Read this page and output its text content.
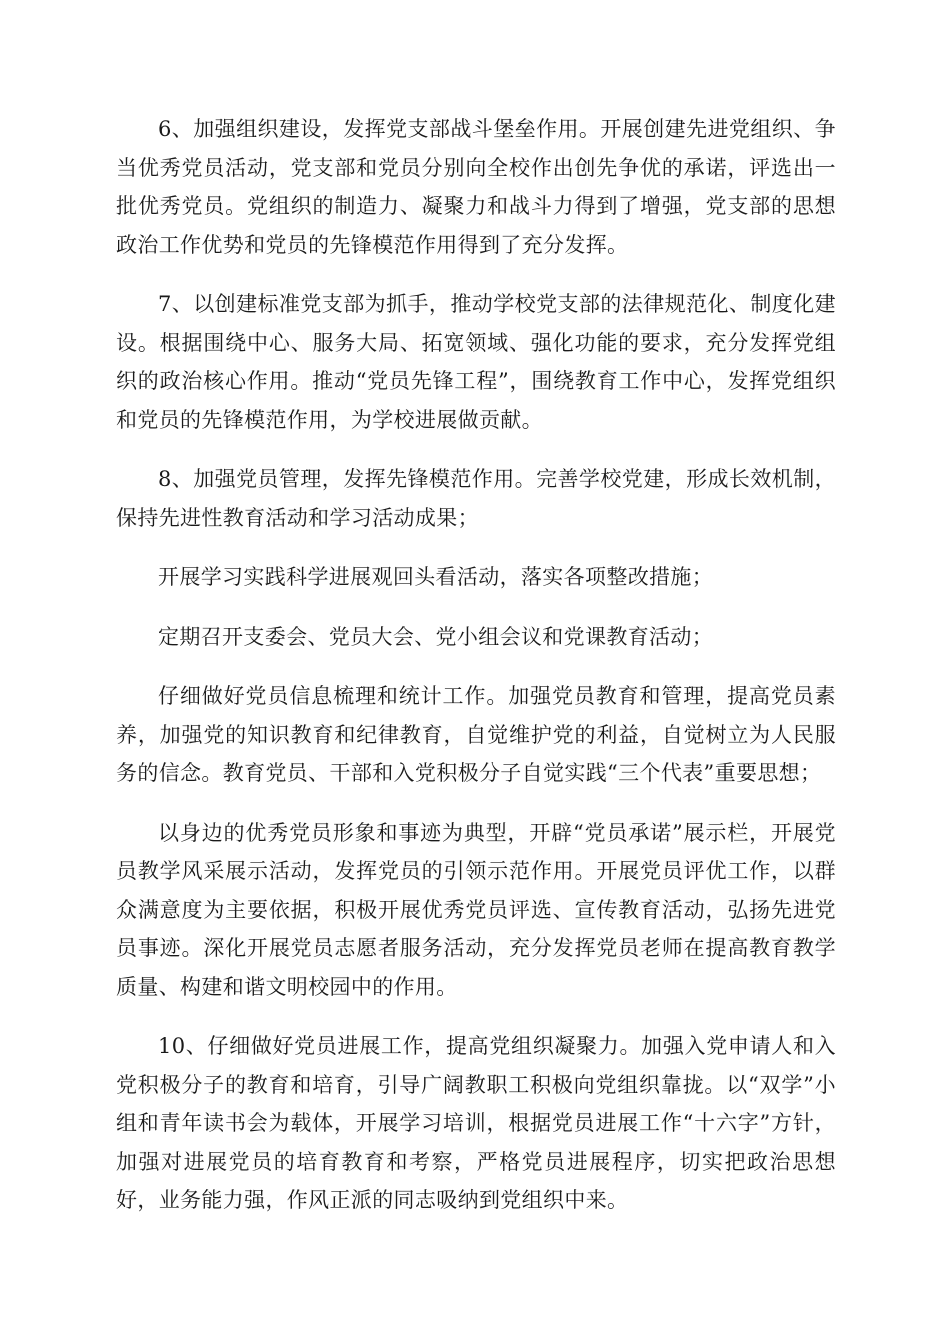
6、加强组织建设，发挥党支部战斗堡垒作用。开展创建先进党组织、争当优秀党员活动，党支部和党员分别向全校作出创先争优的承诺，评选出一批优秀党员。党组织的制造力、凝聚力和战斗力得到了增强，党支部的思想政治工作优势和党员的先锋模范作用得到了充分发挥。

7、以创建标准党支部为抓手，推动学校党支部的法律规范化、制度化建设。根据围绕中心、服务大局、拓宽领域、强化功能的要求，充分发挥党组织的政治核心作用。推动“党员先锋工程”，围绕教育工作中心，发挥党组织和党员的先锋模范作用，为学校进展做贡献。

8、加强党员管理，发挥先锋模范作用。完善学校党建，形成长效机制，保持先进性教育活动和学习活动成果；

开展学习实践科学进展观回头看活动，落实各项整改措施；

定期召开支委会、党员大会、党小组会议和党课教育活动；

仔细做好党员信息梳理和统计工作。加强党员教育和管理，提高党员素养，加强党的知识教育和纪律教育，自觉维护党的利益，自觉树立为人民服务的信念。教育党员、干部和入党积极分子自觉实践“三个代表”重要思想；

以身边的优秀党员形象和事迹为典型，开辟“党员承诺”展示栏，开展党员教学风采展示活动，发挥党员的引领示范作用。开展党员评优工作，以群众满意度为主要依据，积极开展优秀党员评选、宣传教育活动，弘扬先进党员事迹。深化开展党员志愿者服务活动，充分发挥党员老师在提高教育教学质量、构建和谐文明校园中的作用。

10、仔细做好党员进展工作，提高党组织凝聚力。加强入党申请人和入党积极分子的教育和培育，引导广阔教职工积极向党组织靠拢。以“双学”小组和青年读书会为载体，开展学习培训，根据党员进展工作“十六字”方针，加强对进展党员的培育教育和考察，严格党员进展程序，切实把政治思想好，业务能力强，作风正派的同志吸纳到党组织中来。
